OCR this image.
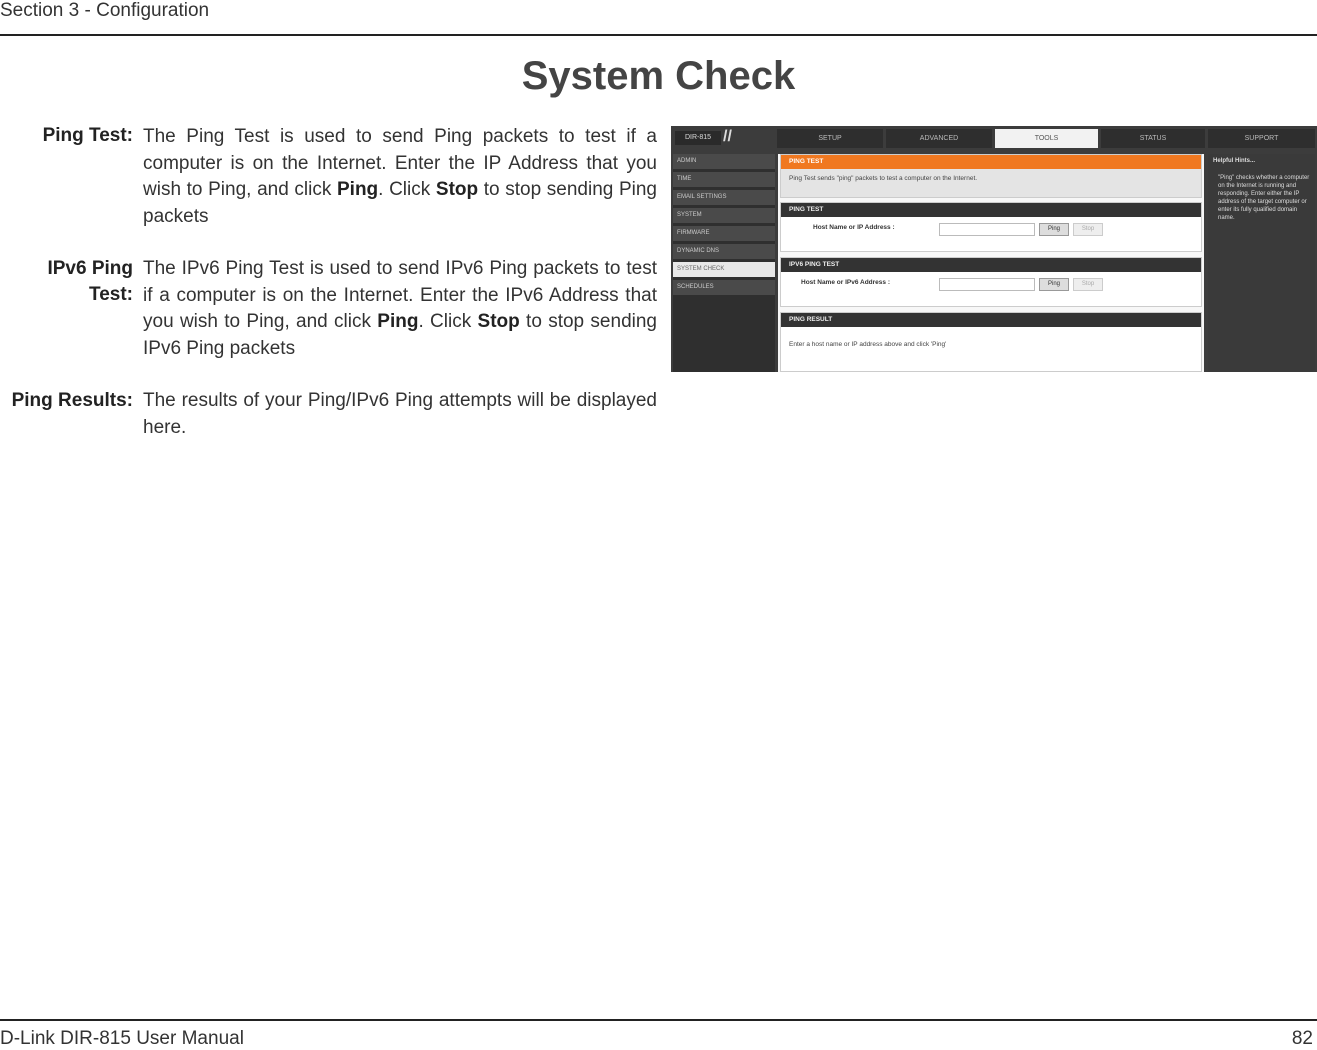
Section 3 - Configuration
System Check
Ping Test: The Ping Test is used to send Ping packets to test if a computer is on the Internet. Enter the IP Address that you wish to Ping, and click Ping. Click Stop to stop sending Ping packets
IPv6 Ping
Test:
The IPv6 Ping Test is used to send IPv6 Ping packets to test if a computer is on the Internet. Enter the IPv6 Address that you wish to Ping, and click Ping. Click Stop to stop sending IPv6 Ping packets
Ping Results: The results of your Ping/IPv6 Ping attempts will be displayed here.
DIR-815 //	SETUP	ADVANCED	TOOLS	STATUS	SUPPORT
ADMIN
TIME
EMAIL SETTINGS
SYSTEM
FIRMWARE
DYNAMIC DNS
SYSTEM CHECK
SCHEDULES
PING TEST
Ping Test sends "ping" packets to test a computer on the Internet.
PING TEST
Host Name or IP Address :	Ping	Stop
IPV6 PING TEST
Host Name or IPv6 Address :	Ping	Stop
PING RESULT
Enter a host name or IP address above and click 'Ping'
Helpful Hints...
"Ping" checks whether a computer on the Internet is running and responding. Enter either the IP address of the target computer or enter its fully qualified domain name.
D-Link DIR-815 User Manual	82
